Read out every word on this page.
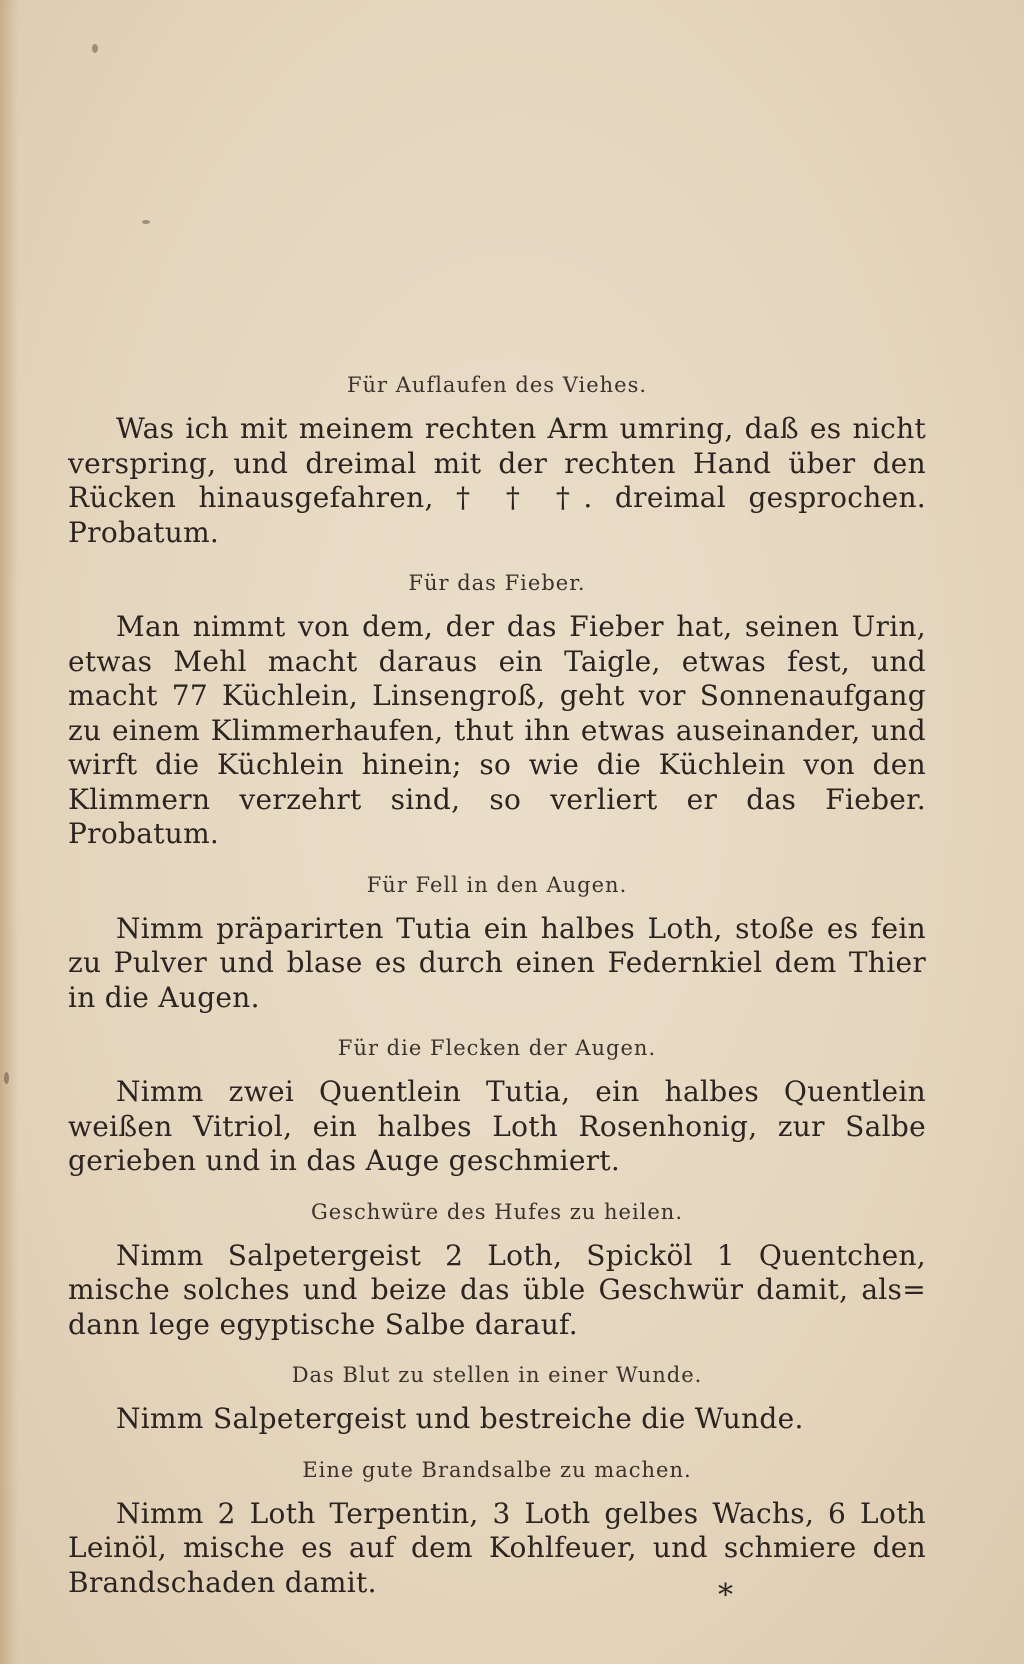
Für Auflaufen des Viehes.

Was ich mit meinem rechten Arm umring, daß es nicht verspring, und dreimal mit der rechten Hand über den Rücken hinausgefahren, † † †. dreimal gesprochen. Probatum.

Für das Fieber.

Man nimmt von dem, der das Fieber hat, seinen Urin, etwas Mehl macht daraus ein Taigle, etwas fest, und macht 77 Küchlein, Linsengroß, geht vor Sonnenaufgang zu einem Klimmerhaufen, thut ihn etwas auseinander, und wirft die Küchlein hinein; so wie die Küchlein von den Klimmern verzehrt sind, so verliert er das Fieber. Probatum.

Für Fell in den Augen.

Nimm präparirten Tutia ein halbes Loth, stoße es fein zu Pulver und blase es durch einen Federnkiel dem Thier in die Augen.

Für die Flecken der Augen.

Nimm zwei Quentlein Tutia, ein halbes Quentlein weißen Vitriol, ein halbes Loth Rosenhonig, zur Salbe gerieben und in das Auge geschmiert.

Geschwüre des Hufes zu heilen.

Nimm Salpetergeist 2 Loth, Spicköl 1 Quentchen, mische solches und beize das üble Geschwür damit, als= dann lege egyptische Salbe darauf.

Das Blut zu stellen in einer Wunde.

Nimm Salpetergeist und bestreiche die Wunde.

Eine gute Brandsalbe zu machen.

Nimm 2 Loth Terpentin, 3 Loth gelbes Wachs, 6 Loth Leinöl, mische es auf dem Kohlfeuer, und schmiere den Brandschaden damit.	*
